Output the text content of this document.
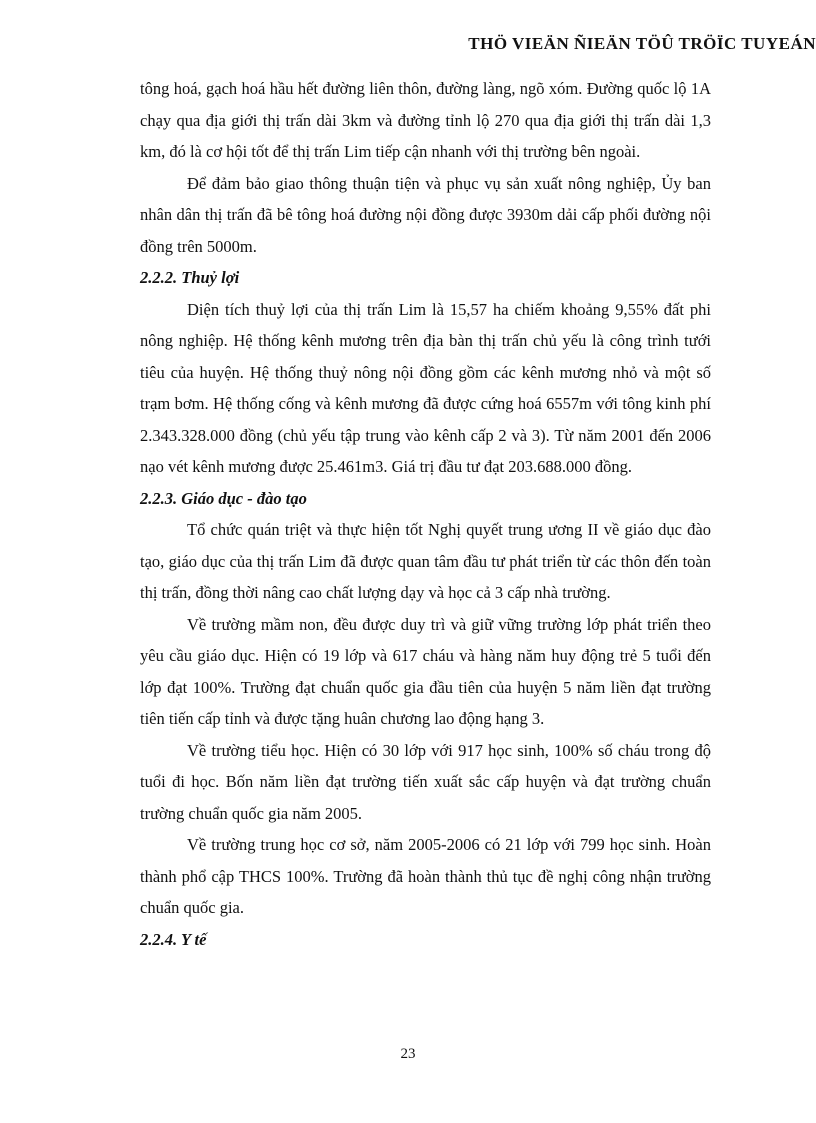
THÖ VIEÄN ÑIEÄN TÖÛ TRÖÏC TUYEÁN

tông hoá, gạch hoá hầu hết đường liên thôn, đường làng, ngõ xóm. Đường quốc lộ 1A chạy qua địa giới thị trấn dài 3km và đường tỉnh lộ 270 qua địa giới thị trấn dài 1,3 km, đó là cơ hội tốt để thị trấn Lim tiếp cận nhanh với thị trường bên ngoài.

Để đảm bảo giao thông thuận tiện và phục vụ sản xuất nông nghiệp, Ủy ban nhân dân thị trấn đã bê tông hoá đường nội đồng được 3930m dải cấp phối đường nội đồng trên 5000m.

2.2.2. Thuỷ lợi

Diện tích thuỷ lợi của thị trấn Lim là 15,57 ha chiếm khoảng 9,55% đất phi nông nghiệp. Hệ thống kênh mương trên địa bàn thị trấn chủ yếu là công trình tưới tiêu của huyện. Hệ thống thuỷ nông nội đồng gồm các kênh mương nhỏ và một số trạm bơm. Hệ thống cống và kênh mương đã được cứng hoá 6557m với tông kinh phí 2.343.328.000 đồng (chủ yếu tập trung vào kênh cấp 2 và 3). Từ năm 2001 đến 2006 nạo vét kênh mương được 25.461m3. Giá trị đầu tư đạt 203.688.000 đồng.

2.2.3. Giáo dục - đào tạo

Tổ chức quán triệt và thực hiện tốt Nghị quyết trung ương II về giáo dục đào tạo, giáo dục của thị trấn Lim đã được quan tâm đầu tư phát triển từ các thôn đến toàn thị trấn, đồng thời nâng cao chất lượng dạy và học cả 3 cấp nhà trường.

Về trường mầm non, đều được duy trì và giữ vững trường lớp phát triển theo yêu cầu giáo dục. Hiện có 19 lớp và 617 cháu và hàng năm huy động trẻ 5 tuổi đến lớp đạt 100%. Trường đạt chuẩn quốc gia đầu tiên của huyện 5 năm liền đạt trường tiên tiến cấp tỉnh và được tặng huân chương lao động hạng 3.

Về trường tiểu học. Hiện có 30 lớp với 917 học sinh, 100% số cháu trong độ tuổi đi học. Bốn năm liền đạt trường tiến xuất sắc cấp huyện và đạt trường chuẩn trường chuẩn quốc gia năm 2005.

Về trường trung học cơ sở, năm 2005-2006 có 21 lớp với 799 học sinh. Hoàn thành phổ cập THCS 100%. Trường đã hoàn thành thủ tục đề nghị công nhận trường chuẩn quốc gia.

2.2.4. Y tế

23
